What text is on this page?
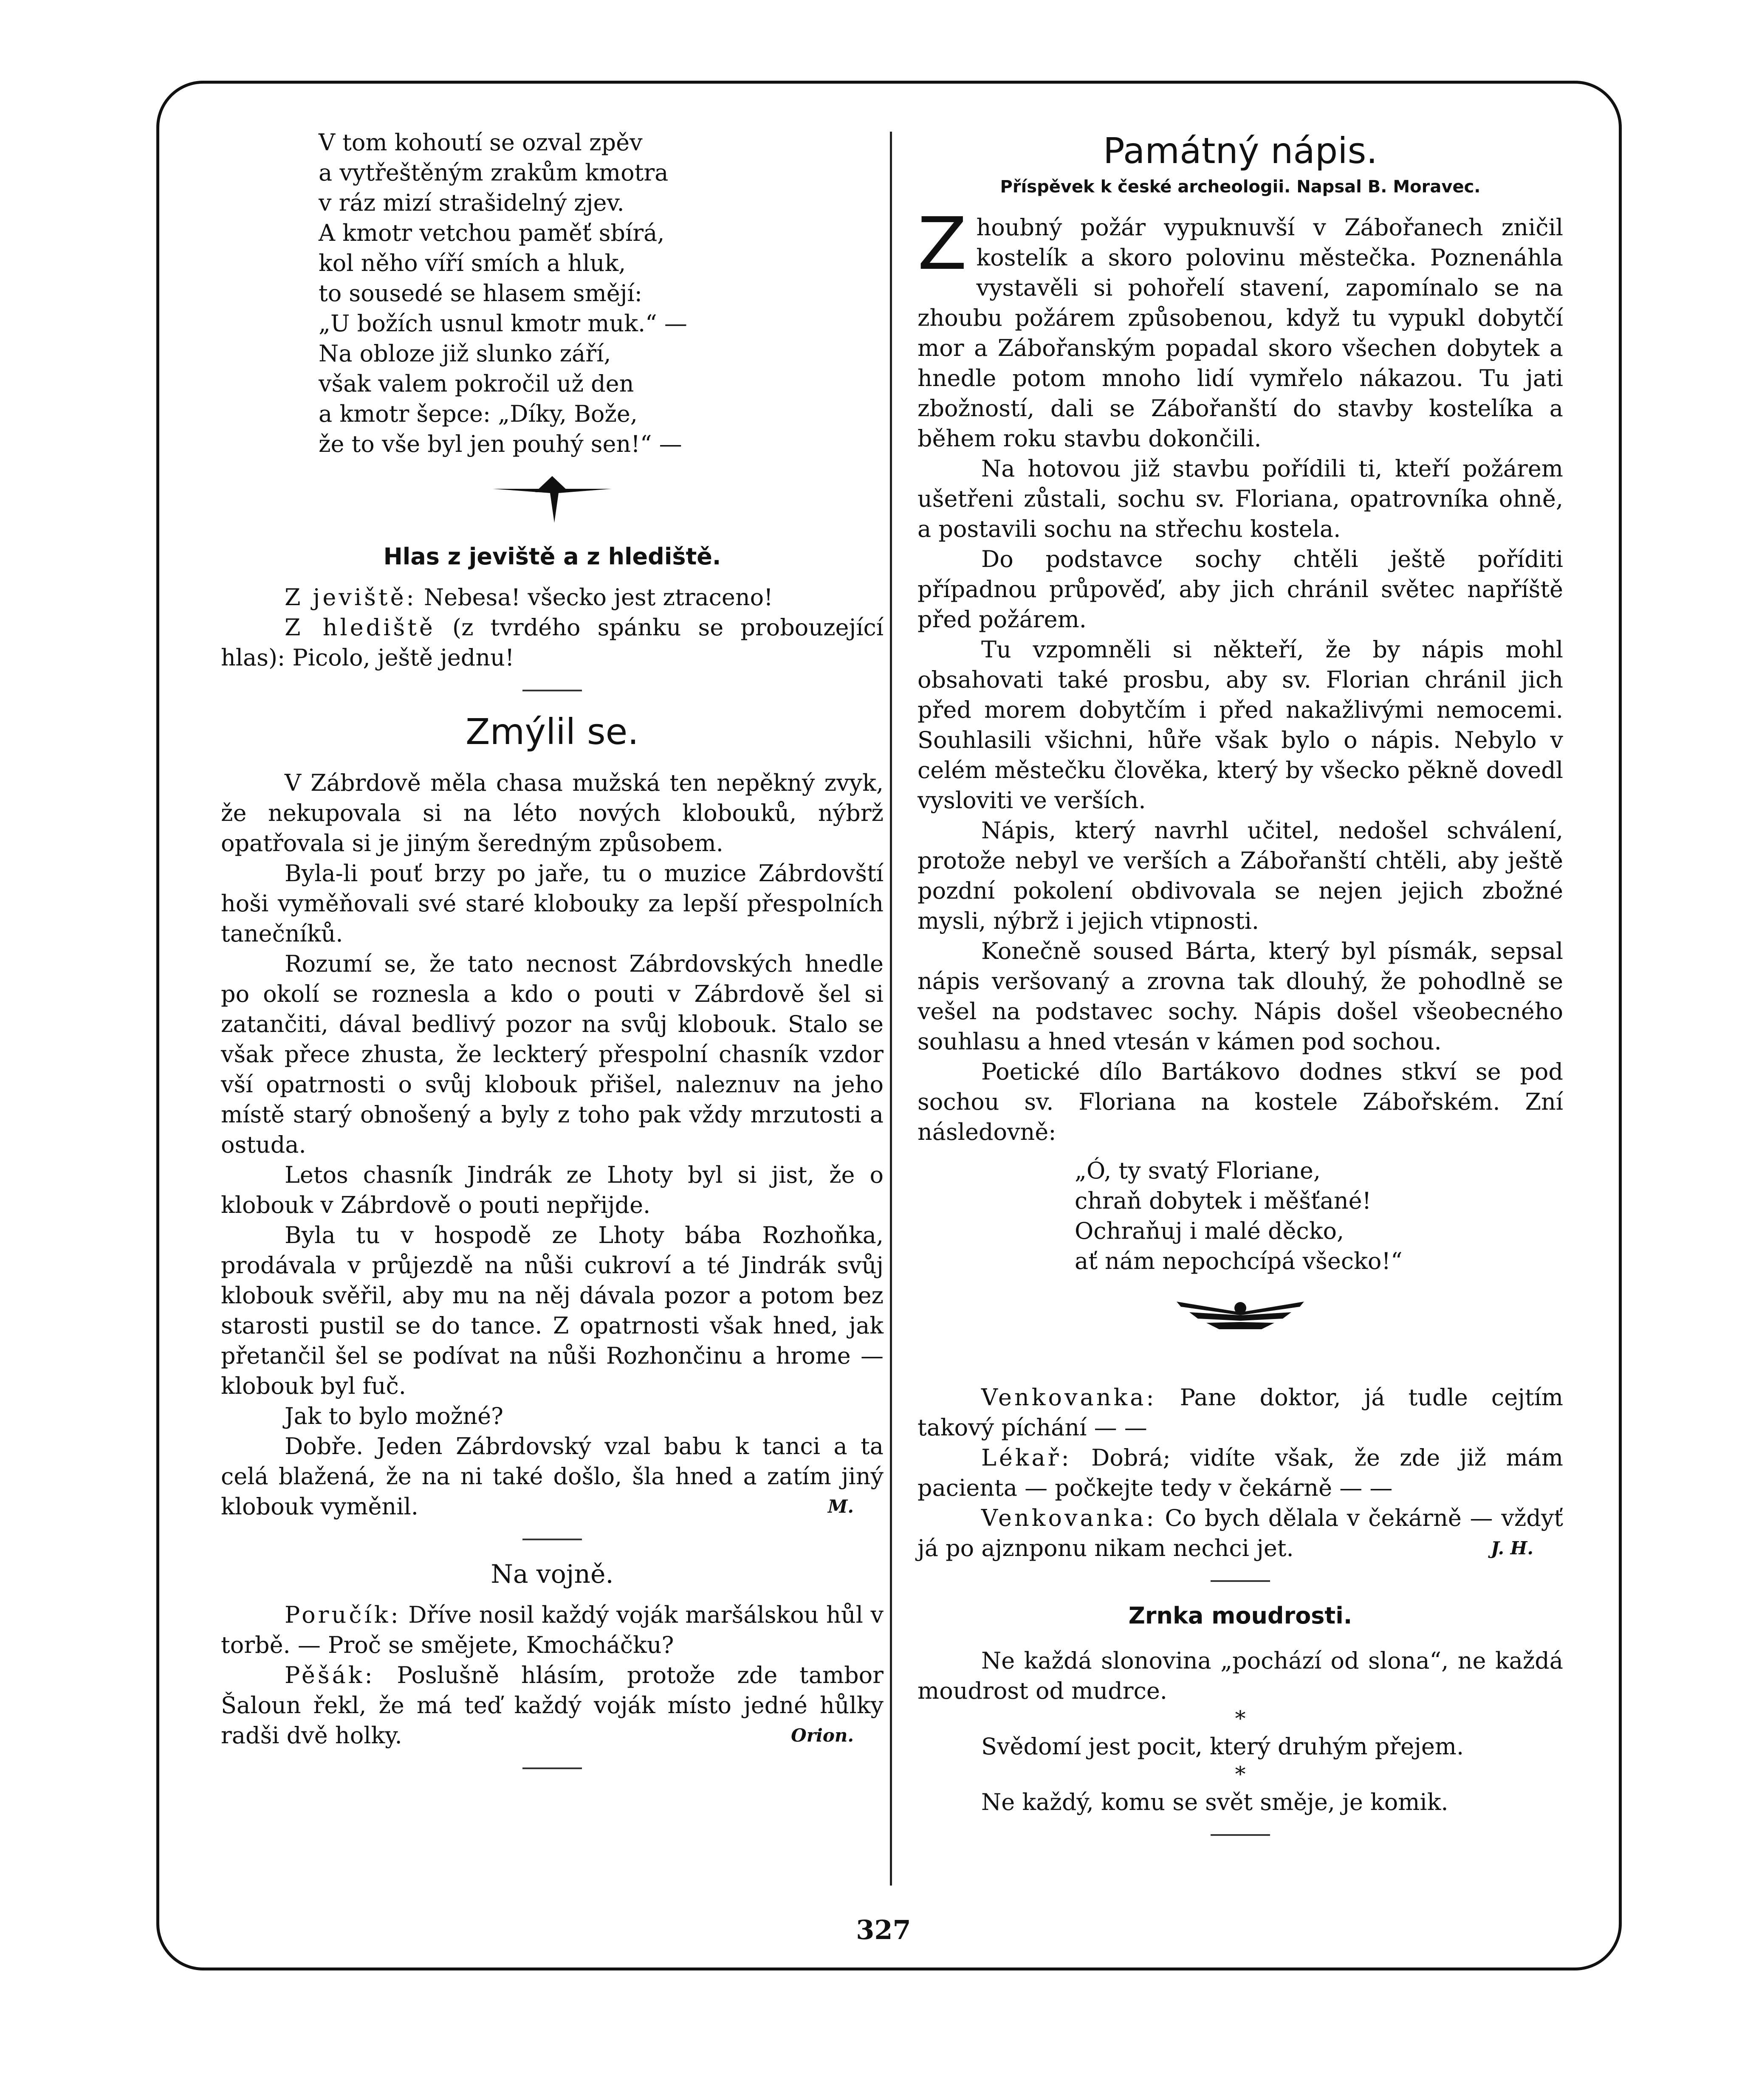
327
V tom kohoutí se ozval zpěv
a vytřeštěným zrakům kmotra
v ráz mizí strašidelný zjev.
A kmotr vetchou paměť sbírá,
kol něho víří smích a hluk,
to sousedé se hlasem smějí:
„U božích usnul kmotr muk.“ —
Na obloze již slunko září,
však valem pokročil už den
a kmotr šepce: „Díky, Bože,
že to vše byl jen pouhý sen!“ —
Hlas z jeviště a z hlediště.

Z jeviště: Nebesa! všecko jest ztraceno!

Z hlediště (z tvrdého spánku se probouzející hlas): Picolo, ještě jednu!

Zmýlil se.

V Zábrdově měla chasa mužská ten nepěkný zvyk, že nekupovala si na léto nových klobouků, nýbrž opatřovala si je jiným šeredným způsobem.

Byla-li pouť brzy po jaře, tu o muzice Zábrdovští hoši vyměňovali své staré klobouky za lepší přespolních tanečníků.

Rozumí se, že tato necnost Zábrdovských hnedle po okolí se roznesla a kdo o pouti v Zábrdově šel si zatančiti, dával bedlivý pozor na svůj klobouk. Stalo se však přece zhusta, že leckterý přespolní chasník vzdor vší opatrnosti o svůj klobouk přišel, naleznuv na jeho místě starý obnošený a byly z toho pak vždy mrzutosti a ostuda.

Letos chasník Jindrák ze Lhoty byl si jist, že o klobouk v Zábrdově o pouti nepřijde.

Byla tu v hospodě ze Lhoty bába Rozhoňka, prodávala v průjezdě na nůši cukroví a té Jindrák svůj klobouk svěřil, aby mu na něj dávala pozor a potom bez starosti pustil se do tance. Z opatrnosti však hned, jak přetančil šel se podívat na nůši Rozhončinu a hrome — klobouk byl fuč.

Jak to bylo možné?

Dobře. Jeden Zábrdovský vzal babu k tanci a ta celá blažená, že na ni také došlo, šla hned a zatím jiný klobouk vyměnil.	M.

Na vojně.

Poručík: Dříve nosil každý voják maršálskou hůl v torbě. — Proč se smějete, Kmocháčku?

Pěšák: Poslušně hlásím, protože zde tambor Šaloun řekl, že má teď každý voják místo jedné hůlky radši dvě holky.	Orion.

Památný nápis.
Příspěvek k české archeologii. Napsal B. Moravec.

Zhoubný požár vypuknuvší v Zábořanech zničil kostelík a skoro polovinu městečka. Poznenáhla vystavěli si pohořelí stavení, zapomínalo se na zhoubu požárem způsobenou, když tu vypukl dobytčí mor a Zábořanským popadal skoro všechen dobytek a hnedle potom mnoho lidí vymřelo nákazou. Tu jati zbožností, dali se Zábořanští do stavby kostelíka a během roku stavbu dokončili.

Na hotovou již stavbu pořídili ti, kteří požárem ušetřeni zůstali, sochu sv. Floriana, opatrovníka ohně, a postavili sochu na střechu kostela.

Do podstavce sochy chtěli ještě poříditi případnou průpověď, aby jich chránil světec napříště před požárem.

Tu vzpomněli si někteří, že by nápis mohl obsahovati také prosbu, aby sv. Florian chránil jich před morem dobytčím i před nakažlivými nemocemi. Souhlasili všichni, hůře však bylo o nápis. Nebylo v celém městečku člověka, který by všecko pěkně dovedl vysloviti ve verších.

Nápis, který navrhl učitel, nedošel schválení, protože nebyl ve verších a Zábořanští chtěli, aby ještě pozdní pokolení obdivovala se nejen jejich zbožné mysli, nýbrž i jejich vtipnosti.

Konečně soused Bárta, který byl písmák, sepsal nápis veršovaný a zrovna tak dlouhý, že pohodlně se vešel na podstavec sochy. Nápis došel všeobecného souhlasu a hned vtesán v kámen pod sochou.

Poetické dílo Bartákovo dodnes stkví se pod sochou sv. Floriana na kostele Zábořském. Zní následovně:

„Ó, ty svatý Floriane,
chraň dobytek i měšťané!
Ochraňuj i malé děcko,
ať nám nepochcípá všecko!“

Venkovanka: Pane doktor, já tudle cejtím takový píchání — —

Lékař: Dobrá; vidíte však, že zde již mám pacienta — počkejte tedy v čekárně — —

Venkovanka: Co bych dělala v čekárně — vždyť já po ajznponu nikam nechci jet.	J. H.

Zrnka moudrosti.

Ne každá slonovina „pochází od slona“, ne každá moudrost od mudrce.

*

Svědomí jest pocit, který druhým přejem.

*

Ne každý, komu se svět směje, je komik.
